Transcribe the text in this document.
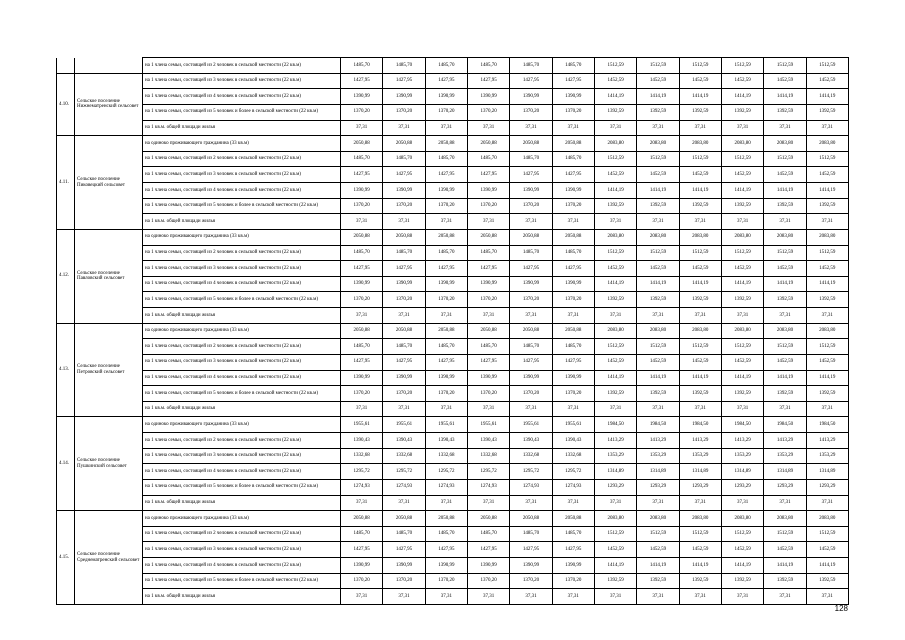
		на 1 члена семьи, состоящей из 2 человек в сельской местности (22 кв.м)	1485,70	1485,70	1485,70	1485,70	1485,70	1485,70	1512,59	1512,59	1512,59	1512,59	1512,59	1512,59
4.10.	Сельское поселение Нижнематренский сельсовет	на 1 члена семьи, состоящей из 3 человек в сельской местности (22 кв.м)	1427,95	1427,95	1427,95	1427,95	1427,95	1427,95	1452,59	1452,59	1452,59	1452,59	1452,59	1452,59
		на 1 члена семьи, состоящей из 4 человек в сельской местности (22 кв.м)	1390,99	1390,99	1390,99	1390,99	1390,99	1390,99	1414,19	1414,19	1414,19	1414,19	1414,19	1414,19
		на 1 члена семьи, состоящей из 5 человек и более в сельской местности (22 кв.м)	1370,20	1370,20	1370,20	1370,20	1370,20	1370,20	1392,59	1392,59	1392,59	1392,59	1392,59	1392,59
		на 1 кв.м. общей площади жилья	37,31	37,31	37,31	37,31	37,31	37,31	37,31	37,31	37,31	37,31	37,31	37,31
4.11.	Сельское поселение Пиковецкий сельсовет	на одиноко проживающего гражданина (33 кв.м)	2050,88	2050,88	2050,88	2050,88	2050,88	2050,88	2083,80	2083,80	2083,80	2083,80	2083,80	2083,80
		на 1 члена семьи, состоящей из 2 человек в сельской местности (22 кв.м)	1485,70	1485,70	1485,70	1485,70	1485,70	1485,70	1512,59	1512,59	1512,59	1512,59	1512,59	1512,59
		на 1 члена семьи, состоящей из 3 человек в сельской местности (22 кв.м)	1427,95	1427,95	1427,95	1427,95	1427,95	1427,95	1452,59	1452,59	1452,59	1452,59	1452,59	1452,59
		на 1 члена семьи, состоящей из 4 человек в сельской местности (22 кв.м)	1390,99	1390,99	1390,99	1390,99	1390,99	1390,99	1414,19	1414,19	1414,19	1414,19	1414,19	1414,19
		на 1 члена семьи, состоящей из 5 человек и более в сельской местности (22 кв.м)	1370,20	1370,20	1370,20	1370,20	1370,20	1370,20	1392,59	1392,59	1392,59	1392,59	1392,59	1392,59
		на 1 кв.м. общей площади жилья	37,31	37,31	37,31	37,31	37,31	37,31	37,31	37,31	37,31	37,31	37,31	37,31
4.12.	Сельское поселение Павловский сельсовет	на одиноко проживающего гражданина (33 кв.м)	2050,88	2050,88	2050,88	2050,88	2050,88	2050,88	2083,80	2083,80	2083,80	2083,80	2083,80	2083,80
		на 1 члена семьи, состоящей из 2 человек в сельской местности (22 кв.м)	1485,70	1485,70	1485,70	1485,70	1485,70	1485,70	1512,59	1512,59	1512,59	1512,59	1512,59	1512,59
		на 1 члена семьи, состоящей из 3 человек в сельской местности (22 кв.м)	1427,95	1427,95	1427,95	1427,95	1427,95	1427,95	1452,59	1452,59	1452,59	1452,59	1452,59	1452,59
		на 1 члена семьи, состоящей из 4 человек в сельской местности (22 кв.м)	1390,99	1390,99	1390,99	1390,99	1390,99	1390,99	1414,19	1414,19	1414,19	1414,19	1414,19	1414,19
		на 1 члена семьи, состоящей из 5 человек и более в сельской местности (22 кв.м)	1370,20	1370,20	1370,20	1370,20	1370,20	1370,20	1392,59	1392,59	1392,59	1392,59	1392,59	1392,59
		на 1 кв.м. общей площади жилья	37,31	37,31	37,31	37,31	37,31	37,31	37,31	37,31	37,31	37,31	37,31	37,31
4.13.	Сельское поселение Петровский сельсовет	на одиноко проживающего гражданина (33 кв.м)	2050,88	2050,88	2050,88	2050,88	2050,88	2050,88	2083,80	2083,80	2083,80	2083,80	2083,80	2083,80
		на 1 члена семьи, состоящей из 2 человек в сельской местности (22 кв.м)	1485,70	1485,70	1485,70	1485,70	1485,70	1485,70	1512,59	1512,59	1512,59	1512,59	1512,59	1512,59
		на 1 члена семьи, состоящей из 3 человек в сельской местности (22 кв.м)	1427,95	1427,95	1427,95	1427,95	1427,95	1427,95	1452,59	1452,59	1452,59	1452,59	1452,59	1452,59
		на 1 члена семьи, состоящей из 4 человек в сельской местности (22 кв.м)	1390,99	1390,99	1390,99	1390,99	1390,99	1390,99	1414,19	1414,19	1414,19	1414,19	1414,19	1414,19
		на 1 члена семьи, состоящей из 5 человек и более в сельской местности (22 кв.м)	1370,20	1370,20	1370,20	1370,20	1370,20	1370,20	1392,59	1392,59	1392,59	1392,59	1392,59	1392,59
		на 1 кв.м. общей площади жилья	37,31	37,31	37,31	37,31	37,31	37,31	37,31	37,31	37,31	37,31	37,31	37,31
4.14.	Сельское поселение Пушкинский сельсовет	на одиноко проживающего гражданина (33 кв.м)	1955,61	1955,61	1955,61	1955,61	1955,61	1955,61	1984,50	1984,50	1984,50	1984,50	1984,50	1984,50
		на 1 члена семьи, состоящей из 2 человек в сельской местности (22 кв.м)	1390,43	1390,43	1390,43	1390,43	1390,43	1390,43	1413,29	1413,29	1413,29	1413,29	1413,29	1413,29
		на 1 члена семьи, состоящей из 3 человек в сельской местности (22 кв.м)	1332,68	1332,68	1332,68	1332,68	1332,68	1332,68	1353,29	1353,29	1353,29	1353,29	1353,29	1353,29
		на 1 члена семьи, состоящей из 4 человек в сельской местности (22 кв.м)	1295,72	1295,72	1295,72	1295,72	1295,72	1295,72	1314,89	1314,89	1314,89	1314,89	1314,89	1314,89
		на 1 члена семьи, состоящей из 5 человек и более в сельской местности (22 кв.м)	1274,93	1274,93	1274,93	1274,93	1274,93	1274,93	1293,29	1293,29	1293,29	1293,29	1293,29	1293,29
		на 1 кв.м. общей площади жилья	37,31	37,31	37,31	37,31	37,31	37,31	37,31	37,31	37,31	37,31	37,31	37,31
4.15.	Сельское поселение Среднематренский сельсовет	на одиноко проживающего гражданина (33 кв.м)	2050,88	2050,88	2050,88	2050,88	2050,88	2050,88	2083,80	2083,80	2083,80	2083,80	2083,80	2083,80
		на 1 члена семьи, состоящей из 2 человек в сельской местности (22 кв.м)	1485,70	1485,70	1485,70	1485,70	1485,70	1485,70	1512,59	1512,59	1512,59	1512,59	1512,59	1512,59
		на 1 члена семьи, состоящей из 3 человек в сельской местности (22 кв.м)	1427,95	1427,95	1427,95	1427,95	1427,95	1427,95	1452,59	1452,59	1452,59	1452,59	1452,59	1452,59
		на 1 члена семьи, состоящей из 4 человек в сельской местности (22 кв.м)	1390,99	1390,99	1390,99	1390,99	1390,99	1390,99	1414,19	1414,19	1414,19	1414,19	1414,19	1414,19
		на 1 члена семьи, состоящей из 5 человек и более в сельской местности (22 кв.м)	1370,20	1370,20	1370,20	1370,20	1370,20	1370,20	1392,59	1392,59	1392,59	1392,59	1392,59	1392,59
		на 1 кв.м. общей площади жилья	37,31	37,31	37,31	37,31	37,31	37,31	37,31	37,31	37,31	37,31	37,31	37,31
128
